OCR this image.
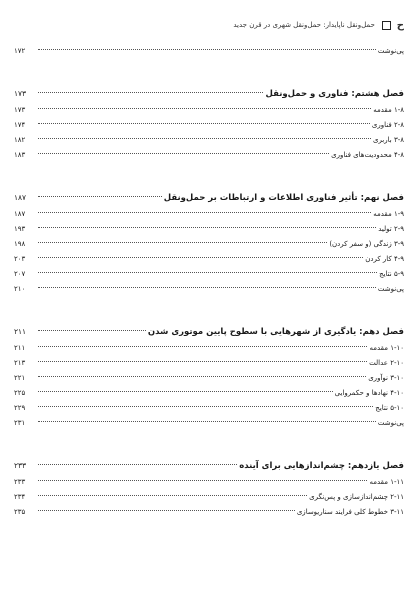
ح
حمل‌ونقل ناپایدار: حمل‌ونقل شهری در قرن جدید
پی‌نوشت
۱۷۲
فصل هشتم: فناوری و حمل‌ونقل
۱۷۳
۱-۸ مقدمه
۱۷۳
۲-۸ فناوری
۱۷۴
۳-۸ باربری
۱۸۲
۴-۸ محدودیت‌های فناوری
۱۸۳
فصل نهم: تأثیر فناوری اطلاعات و ارتباطات بر حمل‌ونقل
۱۸۷
۱-۹ مقدمه
۱۸۷
۲-۹ تولید
۱۹۳
۳-۹ زندگی (و سفر کردن)
۱۹۸
۴-۹ کار کردن
۲۰۳
۵-۹ نتایج
۲۰۷
پی‌نوشت
۲۱۰
فصل دهم: یادگیری از شهرهایی با سطوح پایین موتوری شدن
۲۱۱
۱-۱۰ مقدمه
۲۱۱
۲-۱۰ عدالت
۲۱۳
۳-۱۰ نوآوری
۲۲۱
۴-۱۰ نهادها و حکمروایی
۲۲۵
۵-۱۰ نتایج
۲۲۹
پی‌نوشت
۲۳۱
فصل یازدهم: چشم‌اندازهایی برای آینده
۲۳۳
۱-۱۱ مقدمه
۲۳۳
۲-۱۱ چشم‌اندازسازی و پس‌نگری
۲۳۴
۳-۱۱ خطوط کلی فرایند سناریوسازی
۲۳۵
